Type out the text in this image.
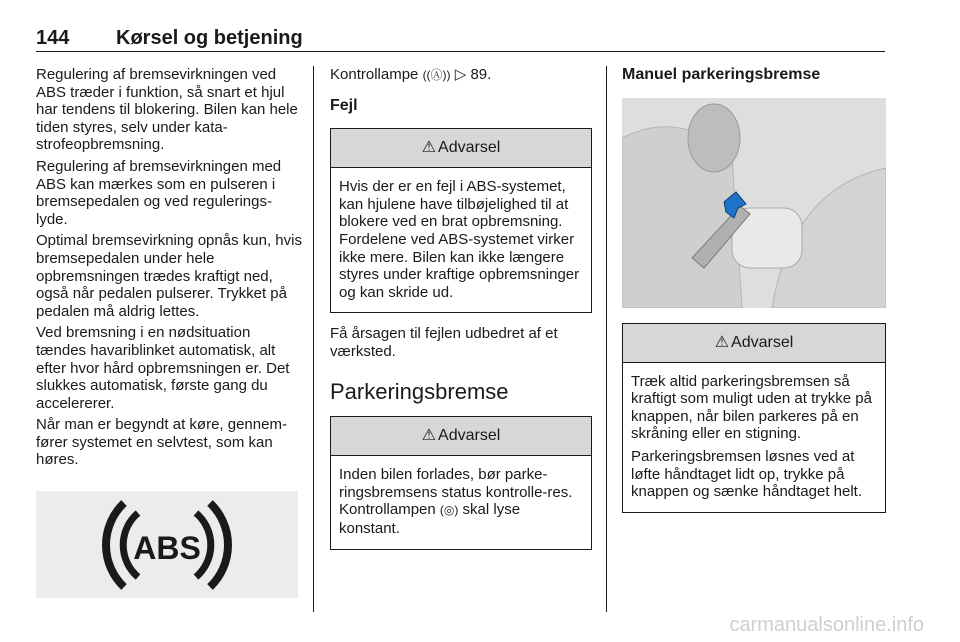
144 Kørsel og betjening

Regulering af bremsevirkningen ved ABS træder i funktion, så snart et hjul har tendens til blokering. Bilen kan hele tiden styres, selv under kata-strofeopbremsning.

Regulering af bremsevirkningen med ABS kan mærkes som en pulseren i bremsepedalen og ved regulerings-lyde.

Optimal bremsevirkning opnås kun, hvis bremsepedalen under hele opbremsningen trædes kraftigt ned, også når pedalen pulserer. Trykket på pedalen må aldrig lettes.

Ved bremsning i en nødsituation tændes havariblinket automatisk, alt efter hvor hård opbremsningen er. Det slukkes automatisk, første gang du accelererer.

Når man er begyndt at køre, gennem-fører systemet en selvtest, som kan høres.

ABS

Kontrollampe ((Ⓐ)) ▷ 89.

Fejl
⚠ Advarsel

Hvis der er en fejl i ABS-systemet, kan hjulene have tilbøjelighed til at blokere ved en brat opbremsning. Fordelene ved ABS-systemet virker ikke mere. Bilen kan ikke længere styres under kraftige opbremsninger og kan skride ud.

Få årsagen til fejlen udbedret af et værksted.

Parkeringsbremse
⚠ Advarsel

Inden bilen forlades, bør parke-ringsbremsens status kontrolle-res. Kontrollampen (◎) skal lyse konstant.

Manuel parkeringsbremse
⚠ Advarsel

Træk altid parkeringsbremsen så kraftigt som muligt uden at trykke på knappen, når bilen parkeres på en skråning eller en stigning.

Parkeringsbremsen løsnes ved at løfte håndtaget lidt op, trykke på knappen og sænke håndtaget helt.

carmanualsonline.info
